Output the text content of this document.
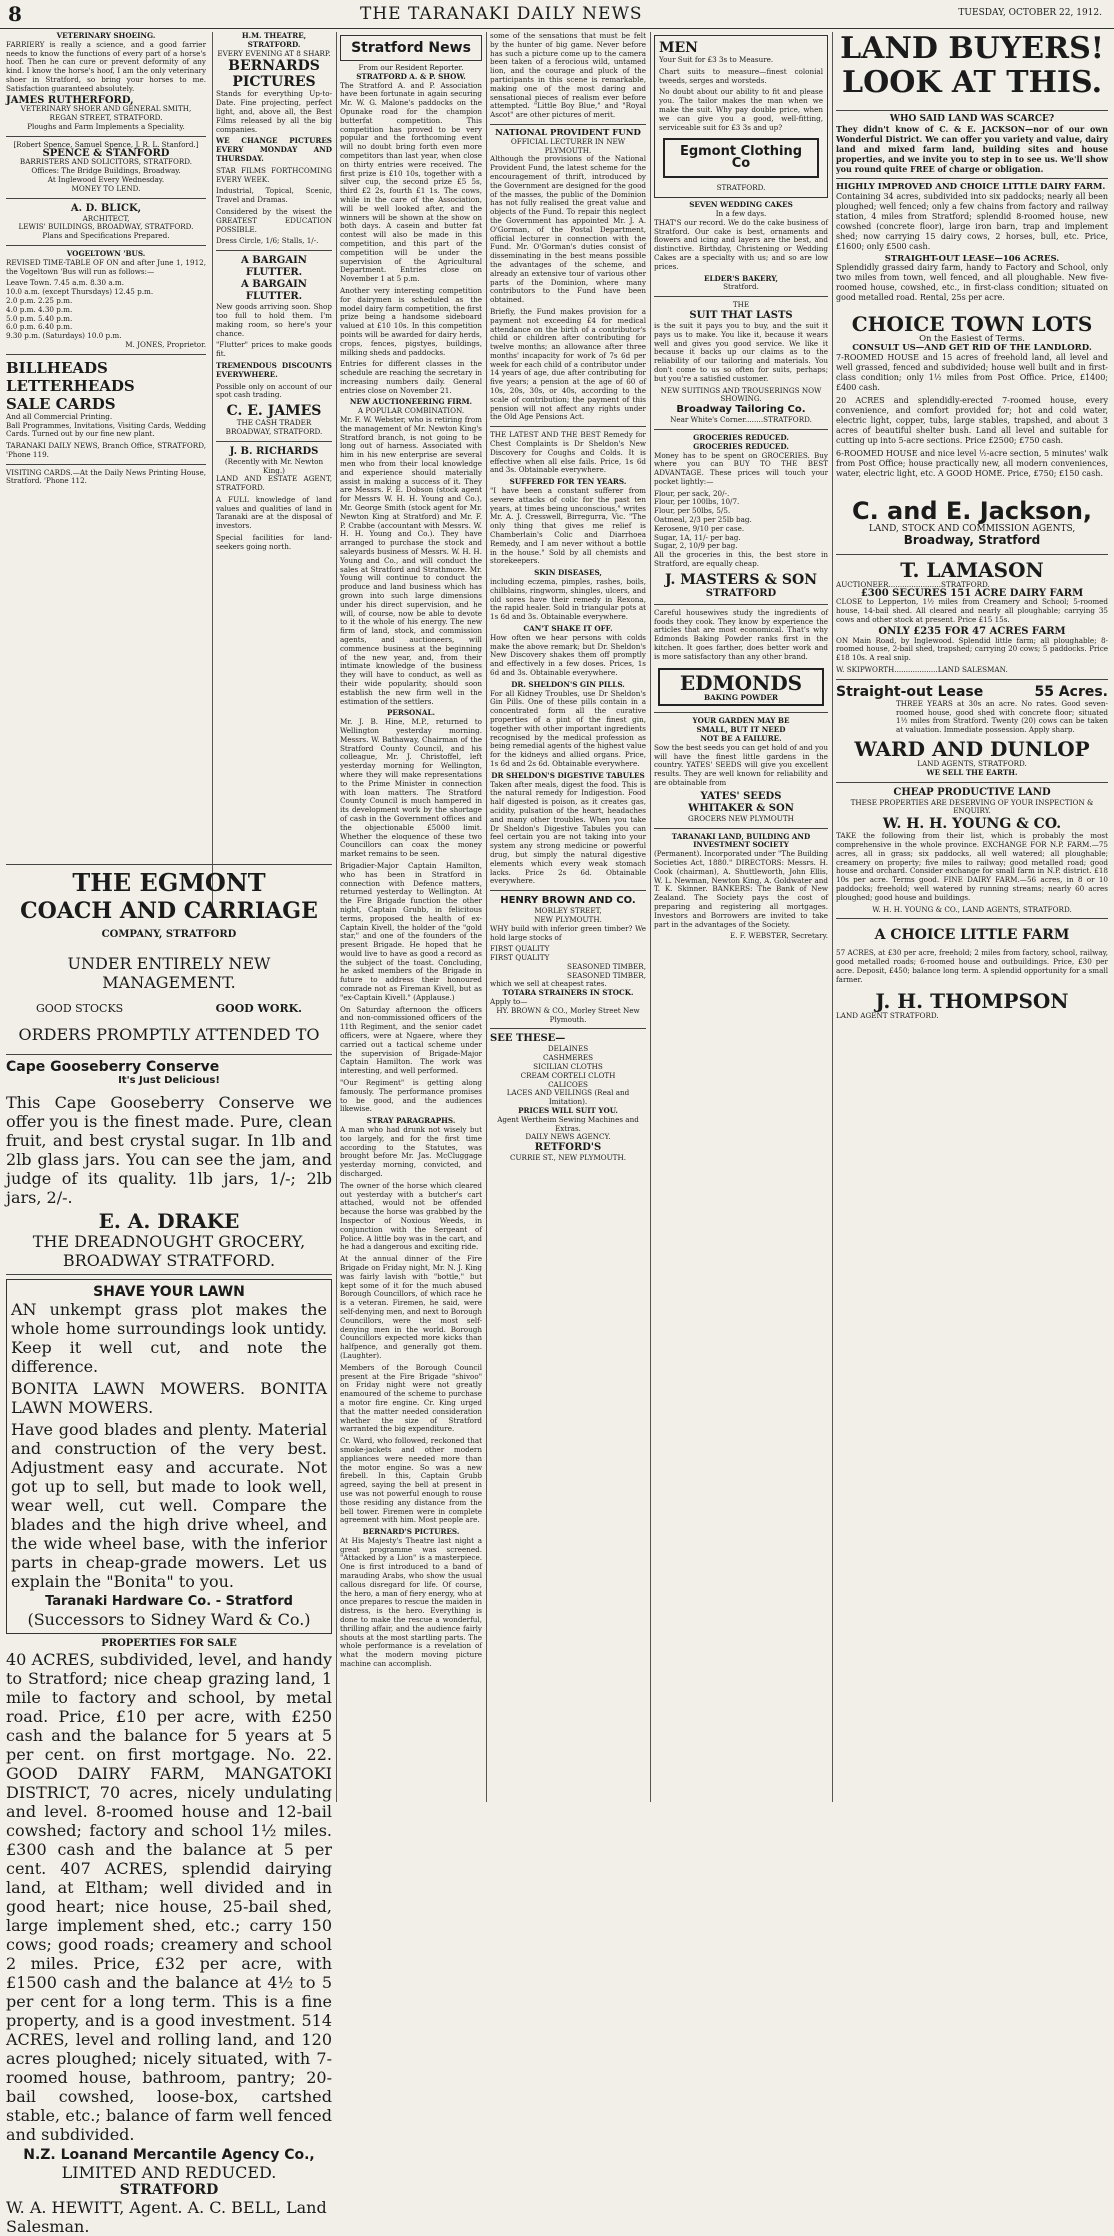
8	THE TARANAKI DAILY NEWS	TUESDAY, OCTOBER 22, 1912.
VETERINARY SHOEING.

FARRIERY is really a science, and a good farrier needs to know the functions of every part of a horse's hoof. Then he can cure or prevent deformity of any kind. I know the horse's hoof, I am the only veterinary shoer in Stratford, so bring your horses to me. Satisfaction guaranteed absolutely.

JAMES RUTHERFORD,
VETERINARY SHOER AND GENERAL SMITH,
REGAN STREET, STRATFORD.
Ploughs and Farm Implements a Speciality.
[Robert Spence, Samuel Spence, J. R. L. Stanford.]
SPENCE & STANFORD
BARRISTERS AND SOLICITORS, STRATFORD.
Offices: The Bridge Buildings, Broadway.
At Inglewood Every Wednesday.
MONEY TO LEND.
A. D. BLICK,
ARCHITECT,
LEWIS' BUILDINGS, BROADWAY, STRATFORD.
Plans and Specifications Prepared.
VOGELTOWN 'BUS.

REVISED TIME-TABLE OF ON and after June 1, 1912, the Vogeltown 'Bus will run as follows:—

Leave Town. 7.45 a.m. 8.30 a.m.
10.0 a.m. (except Thursdays) 12.45 p.m.
2.0 p.m. 2.25 p.m.
4.0 p.m. 4.30 p.m.
5.0 p.m. 5.40 p.m.
6.0 p.m. 6.40 p.m.
9.30 p.m. (Saturdays) 10.0 p.m.
M. JONES, Proprietor.
BILLHEADS
LETTERHEADS
SALE CARDS
And all Commercial Printing.

Ball Programmes, Invitations, Visiting Cards, Wedding Cards. Turned out by our fine new plant.

TARANAKI DAILY NEWS, Branch Office, STRATFORD, 'Phone 119.

VISITING CARDS.—At the Daily News Printing House, Stratford. 'Phone 112.

H.M. THEATRE, STRATFORD.
EVERY EVENING AT 8 SHARP.
BERNARDS
PICTURES

Stands for everything Up-to-Date. Fine projecting, perfect light, and, above all, the Best Films released by all the big companies.

WE CHANGE PICTURES EVERY MONDAY AND THURSDAY.

STAR FILMS FORTHCOMING EVERY WEEK.

Industrial, Topical, Scenic, Travel and Dramas.

Considered by the wisest the GREATEST EDUCATION POSSIBLE.

Dress Circle, 1/6; Stalls, 1/-.

A BARGAIN FLUTTER.
A BARGAIN FLUTTER.

New goods arriving soon. Shop too full to hold them. I'm making room, so here's your chance.

"Flutter" prices to make goods fit.

TREMENDOUS DISCOUNTS EVERYWHERE.

Possible only on account of our spot cash trading.

C. E. JAMES
THE CASH TRADER
BROADWAY, STRATFORD.
J. B. RICHARDS
(Recently with Mr. Newton King.)

LAND AND ESTATE AGENT, STRATFORD.

A FULL knowledge of land values and qualities of land in Taranaki are at the disposal of investors.

Special facilities for land-seekers going north.

THE EGMONT
COACH AND CARRIAGE
COMPANY, STRATFORD
UNDER ENTIRELY NEW MANAGEMENT.
GOOD STOCKS	GOOD WORK.
ORDERS PROMPTLY ATTENDED TO
Cape Gooseberry Conserve
It's Just Delicious!

This Cape Gooseberry Conserve we offer you is the finest made. Pure, clean fruit, and best crystal sugar. In 1lb and 2lb glass jars. You can see the jam, and judge of its quality. 1lb jars, 1/-; 2lb jars, 2/-.

E. A. DRAKE
THE DREADNOUGHT GROCERY, BROADWAY STRATFORD.
SHAVE YOUR LAWN

AN unkempt grass plot makes the whole home surroundings look untidy. Keep it well cut, and note the difference.

BONITA LAWN MOWERS. BONITA LAWN MOWERS.

Have good blades and plenty. Material and construction of the very best. Adjustment easy and accurate. Not got up to sell, but made to look well, wear well, cut well. Compare the blades and the high drive wheel, and the wide wheel base, with the inferior parts in cheap-grade mowers. Let us explain the "Bonita" to you.

Taranaki Hardware Co. - Stratford
(Successors to Sidney Ward & Co.)
PROPERTIES FOR SALE

40 ACRES, subdivided, level, and handy to Stratford; nice cheap grazing land, 1 mile to factory and school, by metal road. Price, £10 per acre, with £250 cash and the balance for 5 years at 5 per cent. on first mortgage. No. 22. GOOD DAIRY FARM, MANGATOKI DISTRICT, 70 acres, nicely undulating and level. 8-roomed house and 12-bail cowshed; factory and school 1½ miles. £300 cash and the balance at 5 per cent. 407 ACRES, splendid dairying land, at Eltham; well divided and in good heart; nice house, 25-bail shed, large implement shed, etc.; carry 150 cows; good roads; creamery and school 2 miles. Price, £32 per acre, with £1500 cash and the balance at 4½ to 5 per cent for a long term. This is a fine property, and is a good investment. 514 ACRES, level and rolling land, and 120 acres ploughed; nicely situated, with 7-roomed house, bathroom, pantry; 20-bail cowshed, loose-box, cartshed stable, etc.; balance of farm well fenced and subdivided.

N.Z. Loanand Mercantile Agency Co.,
LIMITED AND REDUCED.
STRATFORD
W. A. HEWITT, Agent. A. C. BELL, Land Salesman.
Stratford News
From our Resident Reporter.
STRATFORD A. & P. SHOW.

The Stratford A. and P. Association have been fortunate in again securing Mr. W. G. Malone's paddocks on the Opunake road for the champion butterfat competition. This competition has proved to be very popular and the forthcoming event will no doubt bring forth even more competitors than last year, when close on thirty entries were received. The first prize is £10 10s, together with a silver cup, the second prize £5 5s, third £2 2s, fourth £1 1s. The cows, while in the care of the Association, will be well looked after, and the winners will be shown at the show on both days. A casein and butter fat contest will also be made in this competition, and this part of the competition will be under the supervision of the Agricultural Department. Entries close on November 1 at 5 p.m.

Another very interesting competition for dairymen is scheduled as the model dairy farm competition, the first prize being a handsome sideboard valued at £10 10s. In this competition points will be awarded for dairy herds, crops, fences, pigstyes, buildings, milking sheds and paddocks.

Entries for different classes in the schedule are reaching the secretary in increasing numbers daily. General entries close on November 21.

NEW AUCTIONEERING FIRM.
A POPULAR COMBINATION.

Mr. F. W. Webster, who is retiring from the management of Mr. Newton King's Stratford branch, is not going to be long out of harness. Associated with him in his new enterprise are several men who from their local knowledge and experience should materially assist in making a success of it. They are Messrs. F. E. Dobson (stock agent for Messrs W. H. H. Young and Co.), Mr. George Smith (stock agent for Mr. Newton King at Stratford) and Mr. F. P. Crabbe (accountant with Messrs. W. H. H. Young and Co.). They have arranged to purchase the stock and saleyards business of Messrs. W. H. H. Young and Co., and will conduct the sales at Stratford and Strathmore. Mr. Young will continue to conduct the produce and land business which has grown into such large dimensions under his direct supervision, and he will, of course, now be able to devote to it the whole of his energy. The new firm of land, stock, and commission agents, and auctioneers, will commence business at the beginning of the new year, and, from their intimate knowledge of the business they will have to conduct, as well as their wide popularity, should soon establish the new firm well in the estimation of the settlers.

PERSONAL.

Mr. J. B. Hine, M.P., returned to Wellington yesterday morning. Messrs. W. Bathaway, Chairman of the Stratford County Council, and his colleague, Mr. J. Christoffel, left yesterday morning for Wellington, where they will make representations to the Prime Minister in connection with loan matters. The Stratford County Council is much hampered in its development work by the shortage of cash in the Government offices and the objectionable £5000 limit. Whether the eloquence of these two Councillors can coax the money market remains to be seen.

Brigadier-Major Captain Hamilton, who has been in Stratford in connection with Defence matters, returned yesterday to Wellington. At the Fire Brigade function the other night, Captain Grubb, in felicitous terms, proposed the health of ex-Captain Kivell, the holder of the "gold star," and one of the founders of the present Brigade. He hoped that he would live to have as good a record as the subject of the toast. Concluding, he asked members of the Brigade in future to address their honoured comrade not as Fireman Kivell, but as "ex-Captain Kivell." (Applause.)

On Saturday afternoon the officers and non-commissioned officers of the 11th Regiment, and the senior cadet officers, were at Ngaere, where they carried out a tactical scheme under the supervision of Brigade-Major Captain Hamilton. The work was interesting, and well performed.

"Our Regiment" is getting along famously. The performance promises to be good, and the audiences likewise.

STRAY PARAGRAPHS.

A man who had drunk not wisely but too largely, and for the first time according to the Statutes, was brought before Mr. Jas. McCluggage yesterday morning, convicted, and discharged.

The owner of the horse which cleared out yesterday with a butcher's cart attached, would not be offended because the horse was grabbed by the Inspector of Noxious Weeds, in conjunction with the Sergeant of Police. A little boy was in the cart, and he had a dangerous and exciting ride.

At the annual dinner of the Fire Brigade on Friday night, Mr. N. J. King was fairly lavish with "bottle," but kept some of it for the much abused Borough Councillors, of which race he is a veteran. Firemen, he said, were self-denying men, and next to Borough Councillors, were the most self-denying men in the world. Borough Councillors expected more kicks than halfpence, and generally got them. (Laughter).

Members of the Borough Council present at the Fire Brigade "shivoo" on Friday night were not greatly enamoured of the scheme to purchase a motor fire engine. Cr. King urged that the matter needed consideration whether the size of Stratford warranted the big expenditure.

Cr. Ward, who followed, reckoned that smoke-jackets and other modern appliances were needed more than the motor engine. So was a new firebell. In this, Captain Grubb agreed, saying the bell at present in use was not powerful enough to rouse those residing any distance from the bell tower. Firemen were in complete agreement with him. Most people are.

BERNARD'S PICTURES.

At His Majesty's Theatre last night a great programme was screened. "Attacked by a Lion" is a masterpiece. One is first introduced to a band of marauding Arabs, who show the usual callous disregard for life. Of course, the hero, a man of fiery energy, who at once prepares to rescue the maiden in distress, is the hero. Everything is done to make the rescue a wonderful, thrilling affair, and the audience fairly shouts at the most startling parts. The whole performance is a revelation of what the modern moving picture machine can accomplish.

some of the sensations that must be felt by the hunter of big game. Never before has such a picture come up to the camera been taken of a ferocious wild, untamed lion, and the courage and pluck of the participants in this scene is remarkable, making one of the most daring and sensational pieces of realism ever before attempted. "Little Boy Blue," and "Royal Ascot" are other pictures of merit.

NATIONAL PROVIDENT FUND
OFFICIAL LECTURER IN NEW PLYMOUTH.

Although the provisions of the National Provident Fund, the latest scheme for the encouragement of thrift, introduced by the Government are designed for the good of the masses, the public of the Dominion has not fully realised the great value and objects of the Fund. To repair this neglect the Government has appointed Mr. J. A. O'Gorman, of the Postal Department, official lecturer in connection with the Fund. Mr. O'Gorman's duties consist of disseminating in the best means possible the advantages of the scheme, and already an extensive tour of various other parts of the Dominion, where many contributors to the Fund have been obtained.

Briefly, the Fund makes provision for a payment not exceeding £4 for medical attendance on the birth of a contributor's child or children after contributing for twelve months; an allowance after three months' incapacity for work of 7s 6d per week for each child of a contributor under 14 years of age, due after contributing for five years; a pension at the age of 60 of 10s, 20s, 30s, or 40s, according to the scale of contribution; the payment of this pension will not affect any rights under the Old Age Pensions Act.

THE LATEST AND THE BEST Remedy for Chest Complaints is Dr Sheldon's New Discovery for Coughs and Colds. It is effective when all else fails. Price, 1s 6d and 3s. Obtainable everywhere.

SUFFERED FOR TEN YEARS.

"I have been a constant sufferer from severe attacks of colic for the past ten years, at times being unconscious," writes Mr. A. J. Cresswell, Birregurra, Vic. "The only thing that gives me relief is Chamberlain's Colic and Diarrhoea Remedy, and I am never without a bottle in the house." Sold by all chemists and storekeepers.

SKIN DISEASES,

including eczema, pimples, rashes, boils, chilblains, ringworm, shingles, ulcers, and old sores have their remedy in Rexona, the rapid healer. Sold in triangular pots at 1s 6d and 3s. Obtainable everywhere.

CAN'T SHAKE IT OFF.

How often we hear persons with colds make the above remark; but Dr. Sheldon's New Discovery shakes them off promptly and effectively in a few doses. Prices, 1s 6d and 3s. Obtainable everywhere.

DR. SHELDON'S GIN PILLS.

For all Kidney Troubles, use Dr Sheldon's Gin Pills. One of these pills contain in a concentrated form all the curative properties of a pint of the finest gin, together with other important ingredients recognised by the medical profession as being remedial agents of the highest value for the kidneys and allied organs. Price, 1s 6d and 2s 6d. Obtainable everywhere.

DR SHELDON'S DIGESTIVE TABULES

Taken after meals, digest the food. This is the natural remedy for Indigestion. Food half digested is poison, as it creates gas, acidity, pulsation of the heart, headaches and many other troubles. When you take Dr Sheldon's Digestive Tabules you can feel certain you are not taking into your system any strong medicine or powerful drug, but simply the natural digestive elements which every weak stomach lacks. Price 2s 6d. Obtainable everywhere.

HENRY BROWN AND CO.
MORLEY STREET,
NEW PLYMOUTH.

WHY build with inferior green timber? We hold large stocks of

FIRST QUALITY
FIRST QUALITY
SEASONED TIMBER,
SEASONED TIMBER,
which we sell at cheapest rates.
TOTARA STRAINERS IN STOCK.
Apply to—
HY. BROWN & CO., Morley Street New Plymouth.
SEE THESE—
DELAINES
CASHMERES
SICILIAN CLOTHS
CREAM CORTELI CLOTH
CALICOES
LACES AND VEILINGS (Real and Imitation).
PRICES WILL SUIT YOU.
Agent Wertheim Sewing Machines and Extras.
DAILY NEWS AGENCY.
RETFORD'S
CURRIE ST., NEW PLYMOUTH.
MEN

Your Suit for £3 3s to Measure.

Chart suits to measure—finest colonial tweeds, serges and worsteds.

No doubt about our ability to fit and please you. The tailor makes the man when we make the suit. Why pay double price, when we can give you a good, well-fitting, serviceable suit for £3 3s and up?

Egmont Clothing Co
STRATFORD.
SEVEN WEDDING CAKES
In a few days.

THAT'S our record. We do the cake business of Stratford. Our cake is best, ornaments and flowers and icing and layers are the best, and distinctive. Birthday, Christening or Wedding Cakes are a specialty with us; and so are low prices.

ELDER'S BAKERY,
Stratford.
THE
SUIT THAT LASTS

is the suit it pays you to buy, and the suit it pays us to make. You like it, because it wears well and gives you good service. We like it because it backs up our claims as to the reliability of our tailoring and materials. You don't come to us so often for suits, perhaps; but you're a satisfied customer.

NEW SUITINGS AND TROUSERINGS NOW SHOWING.
Broadway Tailoring Co.
Near White's Corner........STRATFORD.
GROCERIES REDUCED.
GROCERIES REDUCED.

Money has to be spent on GROCERIES. Buy where you can BUY TO THE BEST ADVANTAGE. These prices will touch your pocket lightly:—

Flour, per sack, 20/-.
Flour, per 100lbs, 10/7.
Flour, per 50lbs, 5/5.
Oatmeal, 2/3 per 25lb bag.
Kerosene, 9/10 per case.
Sugar, 1A, 11/- per bag.
Sugar, 2, 10/9 per bag.

All the groceries in this, the best store in Stratford, are equally cheap.

J. MASTERS & SON
STRATFORD

Careful housewives study the ingredients of foods they cook. They know by experience the articles that are most economical. That's why Edmonds Baking Powder ranks first in the kitchen. It goes farther, does better work and is more satisfactory than any other brand.

EDMONDS
BAKING POWDER
YOUR GARDEN MAY BE
SMALL, BUT IT NEED
NOT BE A FAILURE.

Sow the best seeds you can get hold of and you will have the finest little gardens in the country. YATES' SEEDS will give you excellent results. They are well known for reliability and are obtainable from

YATES' SEEDS
WHITAKER & SON
GROCERS NEW PLYMOUTH
TARANAKI LAND, BUILDING AND INVESTMENT SOCIETY

(Permanent). Incorporated under "The Building Societies Act, 1880." DIRECTORS: Messrs. H. Cook (chairman), A. Shuttleworth, John Ellis, W. L. Newman, Newton King, A. Goldwater and T. K. Skinner. BANKERS: The Bank of New Zealand. The Society pays the cost of preparing and registering all mortgages. Investors and Borrowers are invited to take part in the advantages of the Society.

E. F. WEBSTER, Secretary.
LAND BUYERS!
LOOK AT THIS.
WHO SAID LAND WAS SCARCE?

They didn't know of C. & E. JACKSON—nor of our own Wonderful District. We can offer you variety and value, dairy land and mixed farm land, building sites and house properties, and we invite you to step in to see us. We'll show you round quite FREE of charge or obligation.

HIGHLY IMPROVED AND CHOICE LITTLE DAIRY FARM.

Containing 34 acres, subdivided into six paddocks; nearly all been ploughed; well fenced; only a few chains from factory and railway station, 4 miles from Stratford; splendid 8-roomed house, new cowshed (concrete floor), large iron barn, trap and implement shed; now carrying 15 dairy cows, 2 horses, bull, etc. Price, £1600; only £500 cash.

STRAIGHT-OUT LEASE—106 ACRES.

Splendidly grassed dairy farm, handy to Factory and School, only two miles from town, well fenced, and all ploughable. New five-roomed house, cowshed, etc., in first-class condition; situated on good metalled road. Rental, 25s per acre.

CHOICE TOWN LOTS
On the Easiest of Terms.
CONSULT US—AND GET RID OF THE LANDLORD.

7-ROOMED HOUSE and 15 acres of freehold land, all level and well grassed, fenced and subdivided; house well built and in first-class condition; only 1½ miles from Post Office. Price, £1400; £400 cash.

20 ACRES and splendidly-erected 7-roomed house, every convenience, and comfort provided for; hot and cold water, electric light, copper, tubs, large stables, trapshed, and about 3 acres of beautiful shelter bush. Land all level and suitable for cutting up into 5-acre sections. Price £2500; £750 cash.

6-ROOMED HOUSE and nice level ½-acre section, 5 minutes' walk from Post Office; house practically new, all modern conveniences, water, electric light, etc. A GOOD HOME. Price, £750; £150 cash.

C. and E. Jackson,
LAND, STOCK AND COMMISSION AGENTS,
Broadway, Stratford
T. LAMASON
AUCTIONEER.......................STRATFORD.
£300 SECURES 151 ACRE DAIRY FARM

CLOSE to Lepperton, 1½ miles from Creamery and School; 5-roomed house, 14-bail shed. All cleared and nearly all ploughable; carrying 35 cows and other stock at present. Price £15 15s.

ONLY £235 FOR 47 ACRES FARM

ON Main Road, by Inglewood. Splendid little farm; all ploughable; 8-roomed house, 2-bail shed, trapshed; carrying 20 cows; 5 paddocks. Price £18 10s. A real snip.

W. SKIPWORTH...................LAND SALESMAN.
Straight-out Lease	55 Acres.

THREE YEARS at 30s an acre. No rates. Good seven-roomed house, good shed with concrete floor; situated 1½ miles from Stratford. Twenty (20) cows can be taken at valuation. Immediate possession. Apply sharp.

WARD AND DUNLOP
LAND AGENTS, STRATFORD.
WE SELL THE EARTH.
CHEAP PRODUCTIVE LAND
THESE PROPERTIES ARE DESERVING OF YOUR INSPECTION & ENQUIRY.
W. H. H. YOUNG & CO.

TAKE the following from their list, which is probably the most comprehensive in the whole province. EXCHANGE FOR N.P. FARM.—75 acres, all in grass; six paddocks, all well watered; all ploughable; creamery on property; five miles to railway; good metalled road; good house and orchard. Consider exchange for small farm in N.P. district. £18 10s per acre. Terms good. FINE DAIRY FARM.—56 acres, in 8 or 10 paddocks; freehold; well watered by running streams; nearly 60 acres ploughed; good house and buildings.

W. H. H. YOUNG & CO., LAND AGENTS, STRATFORD.
A CHOICE LITTLE FARM

57 ACRES, at £30 per acre, freehold; 2 miles from factory, school, railway, good metalled roads; 6-roomed house and outbuildings. Price, £30 per acre. Deposit, £450; balance long term. A splendid opportunity for a small farmer.

J. H. THOMPSON
LAND AGENT STRATFORD.
